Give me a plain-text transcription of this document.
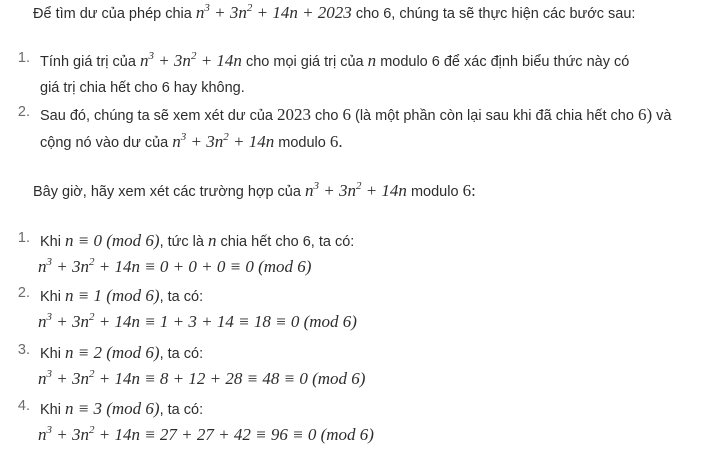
Để tìm dư của phép chia $n^3 + 3n^2 + 14n + 2023$ cho 6, chúng ta sẽ thực hiện các bước sau:
1. Tính giá trị của $n^3 + 3n^2 + 14n$ cho mọi giá trị của n modulo 6 để xác định biểu thức này có
giá trị chia hết cho 6 hay không.
2. Sau đó, chúng ta sẽ xem xét dư của 2023 cho 6 (là một phần còn lại sau khi đã chia hết cho 6) và
cộng nó vào dư của $n^3 + 3n^2 + 14n$ modulo 6.
Bây giờ, hãy xem xét các trường hợp của $n^3 + 3n^2 + 14n$ modulo 6:
1. Khi n ≡ 0 (mod 6), tức là n chia hết cho 6, ta có:
$n^3 + 3n^2 + 14n \equiv 0 + 0 + 0 \equiv 0$ (mod 6)
2. Khi n ≡ 1 (mod 6), ta có:
$n^3 + 3n^2 + 14n \equiv 1 + 3 + 14 \equiv 18 \equiv 0$ (mod 6)
3. Khi n ≡ 2 (mod 6), ta có:
$n^3 + 3n^2 + 14n \equiv 8 + 12 + 28 \equiv 48 \equiv 0$ (mod 6)
4. Khi n ≡ 3 (mod 6), ta có:
$n^3 + 3n^2 + 14n \equiv 27 + 27 + 42 \equiv 96 \equiv 0$ (mod 6)
